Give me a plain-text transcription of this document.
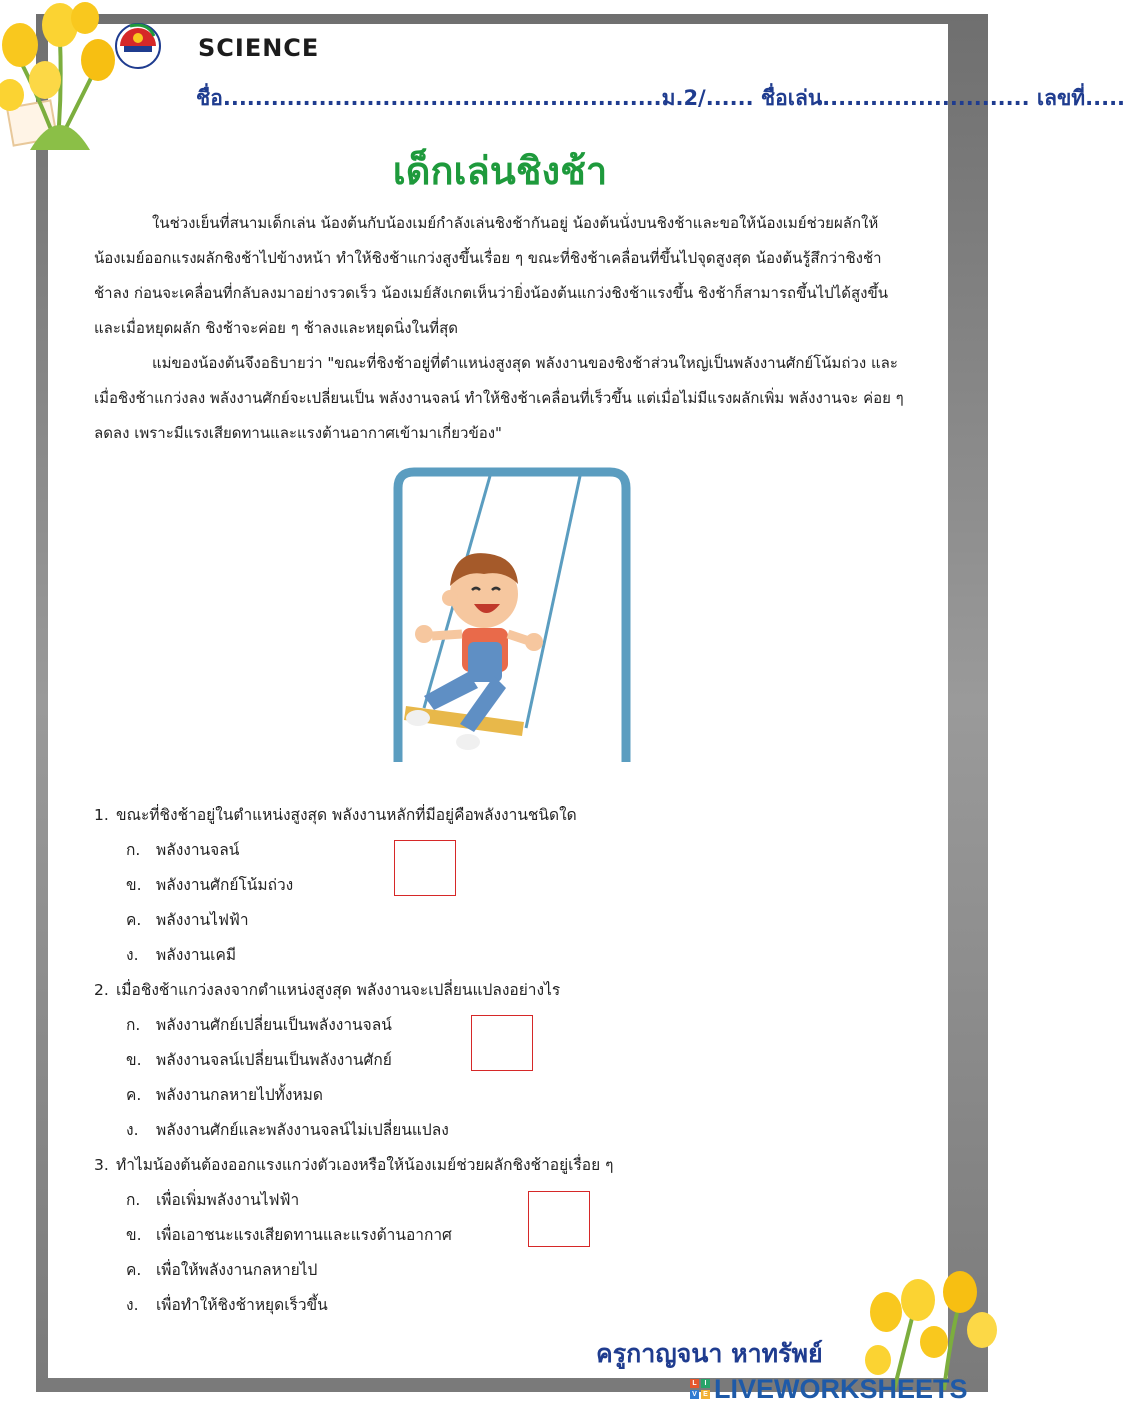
SCIENCE
ชื่อ.......................................................ม.2/...... ชื่อเล่น.......................... เลขที่.....
เด็กเล่นชิงช้า

ในช่วงเย็นที่สนามเด็กเล่น น้องต้นกับน้องเมย์กำลังเล่นชิงช้ากันอยู่ น้องต้นนั่งบนชิงช้าและขอให้น้องเมย์ช่วยผลักให้ น้องเมย์ออกแรงผลักชิงช้าไปข้างหน้า ทำให้ชิงช้าแกว่งสูงขึ้นเรื่อย ๆ ขณะที่ชิงช้าเคลื่อนที่ขึ้นไปจุดสูงสุด น้องต้นรู้สึกว่าชิงช้า ช้าลง ก่อนจะเคลื่อนที่กลับลงมาอย่างรวดเร็ว น้องเมย์สังเกตเห็นว่ายิ่งน้องต้นแกว่งชิงช้าแรงขึ้น ชิงช้าก็สามารถขึ้นไปได้สูงขึ้น และเมื่อหยุดผลัก ชิงช้าจะค่อย ๆ ช้าลงและหยุดนิ่งในที่สุด

แม่ของน้องต้นจึงอธิบายว่า "ขณะที่ชิงช้าอยู่ที่ตำแหน่งสูงสุด พลังงานของชิงช้าส่วนใหญ่เป็นพลังงานศักย์โน้มถ่วง และเมื่อชิงช้าแกว่งลง พลังงานศักย์จะเปลี่ยนเป็น พลังงานจลน์ ทำให้ชิงช้าเคลื่อนที่เร็วขึ้น แต่เมื่อไม่มีแรงผลักเพิ่ม พลังงานจะ ค่อย ๆ ลดลง เพราะมีแรงเสียดทานและแรงต้านอากาศเข้ามาเกี่ยวข้อง"

1. ขณะที่ชิงช้าอยู่ในตำแหน่งสูงสุด พลังงานหลักที่มีอยู่คือพลังงานชนิดใด
ก. พลังงานจลน์
ข. พลังงานศักย์โน้มถ่วง
ค. พลังงานไฟฟ้า
ง. พลังงานเคมี
2. เมื่อชิงช้าแกว่งลงจากตำแหน่งสูงสุด พลังงานจะเปลี่ยนแปลงอย่างไร
ก. พลังงานศักย์เปลี่ยนเป็นพลังงานจลน์
ข. พลังงานจลน์เปลี่ยนเป็นพลังงานศักย์
ค. พลังงานกลหายไปทั้งหมด
ง. พลังงานศักย์และพลังงานจลน์ไม่เปลี่ยนแปลง
3. ทำไมน้องต้นต้องออกแรงแกว่งตัวเองหรือให้น้องเมย์ช่วยผลักชิงช้าอยู่เรื่อย ๆ
ก. เพื่อเพิ่มพลังงานไฟฟ้า
ข. เพื่อเอาชนะแรงเสียดทานและแรงต้านอากาศ
ค. เพื่อให้พลังงานกลหายไป
ง. เพื่อทำให้ชิงช้าหยุดเร็วขึ้น
ครูกาญจนา หาทรัพย์
L	I
V E LIVEWORKSHEETS
